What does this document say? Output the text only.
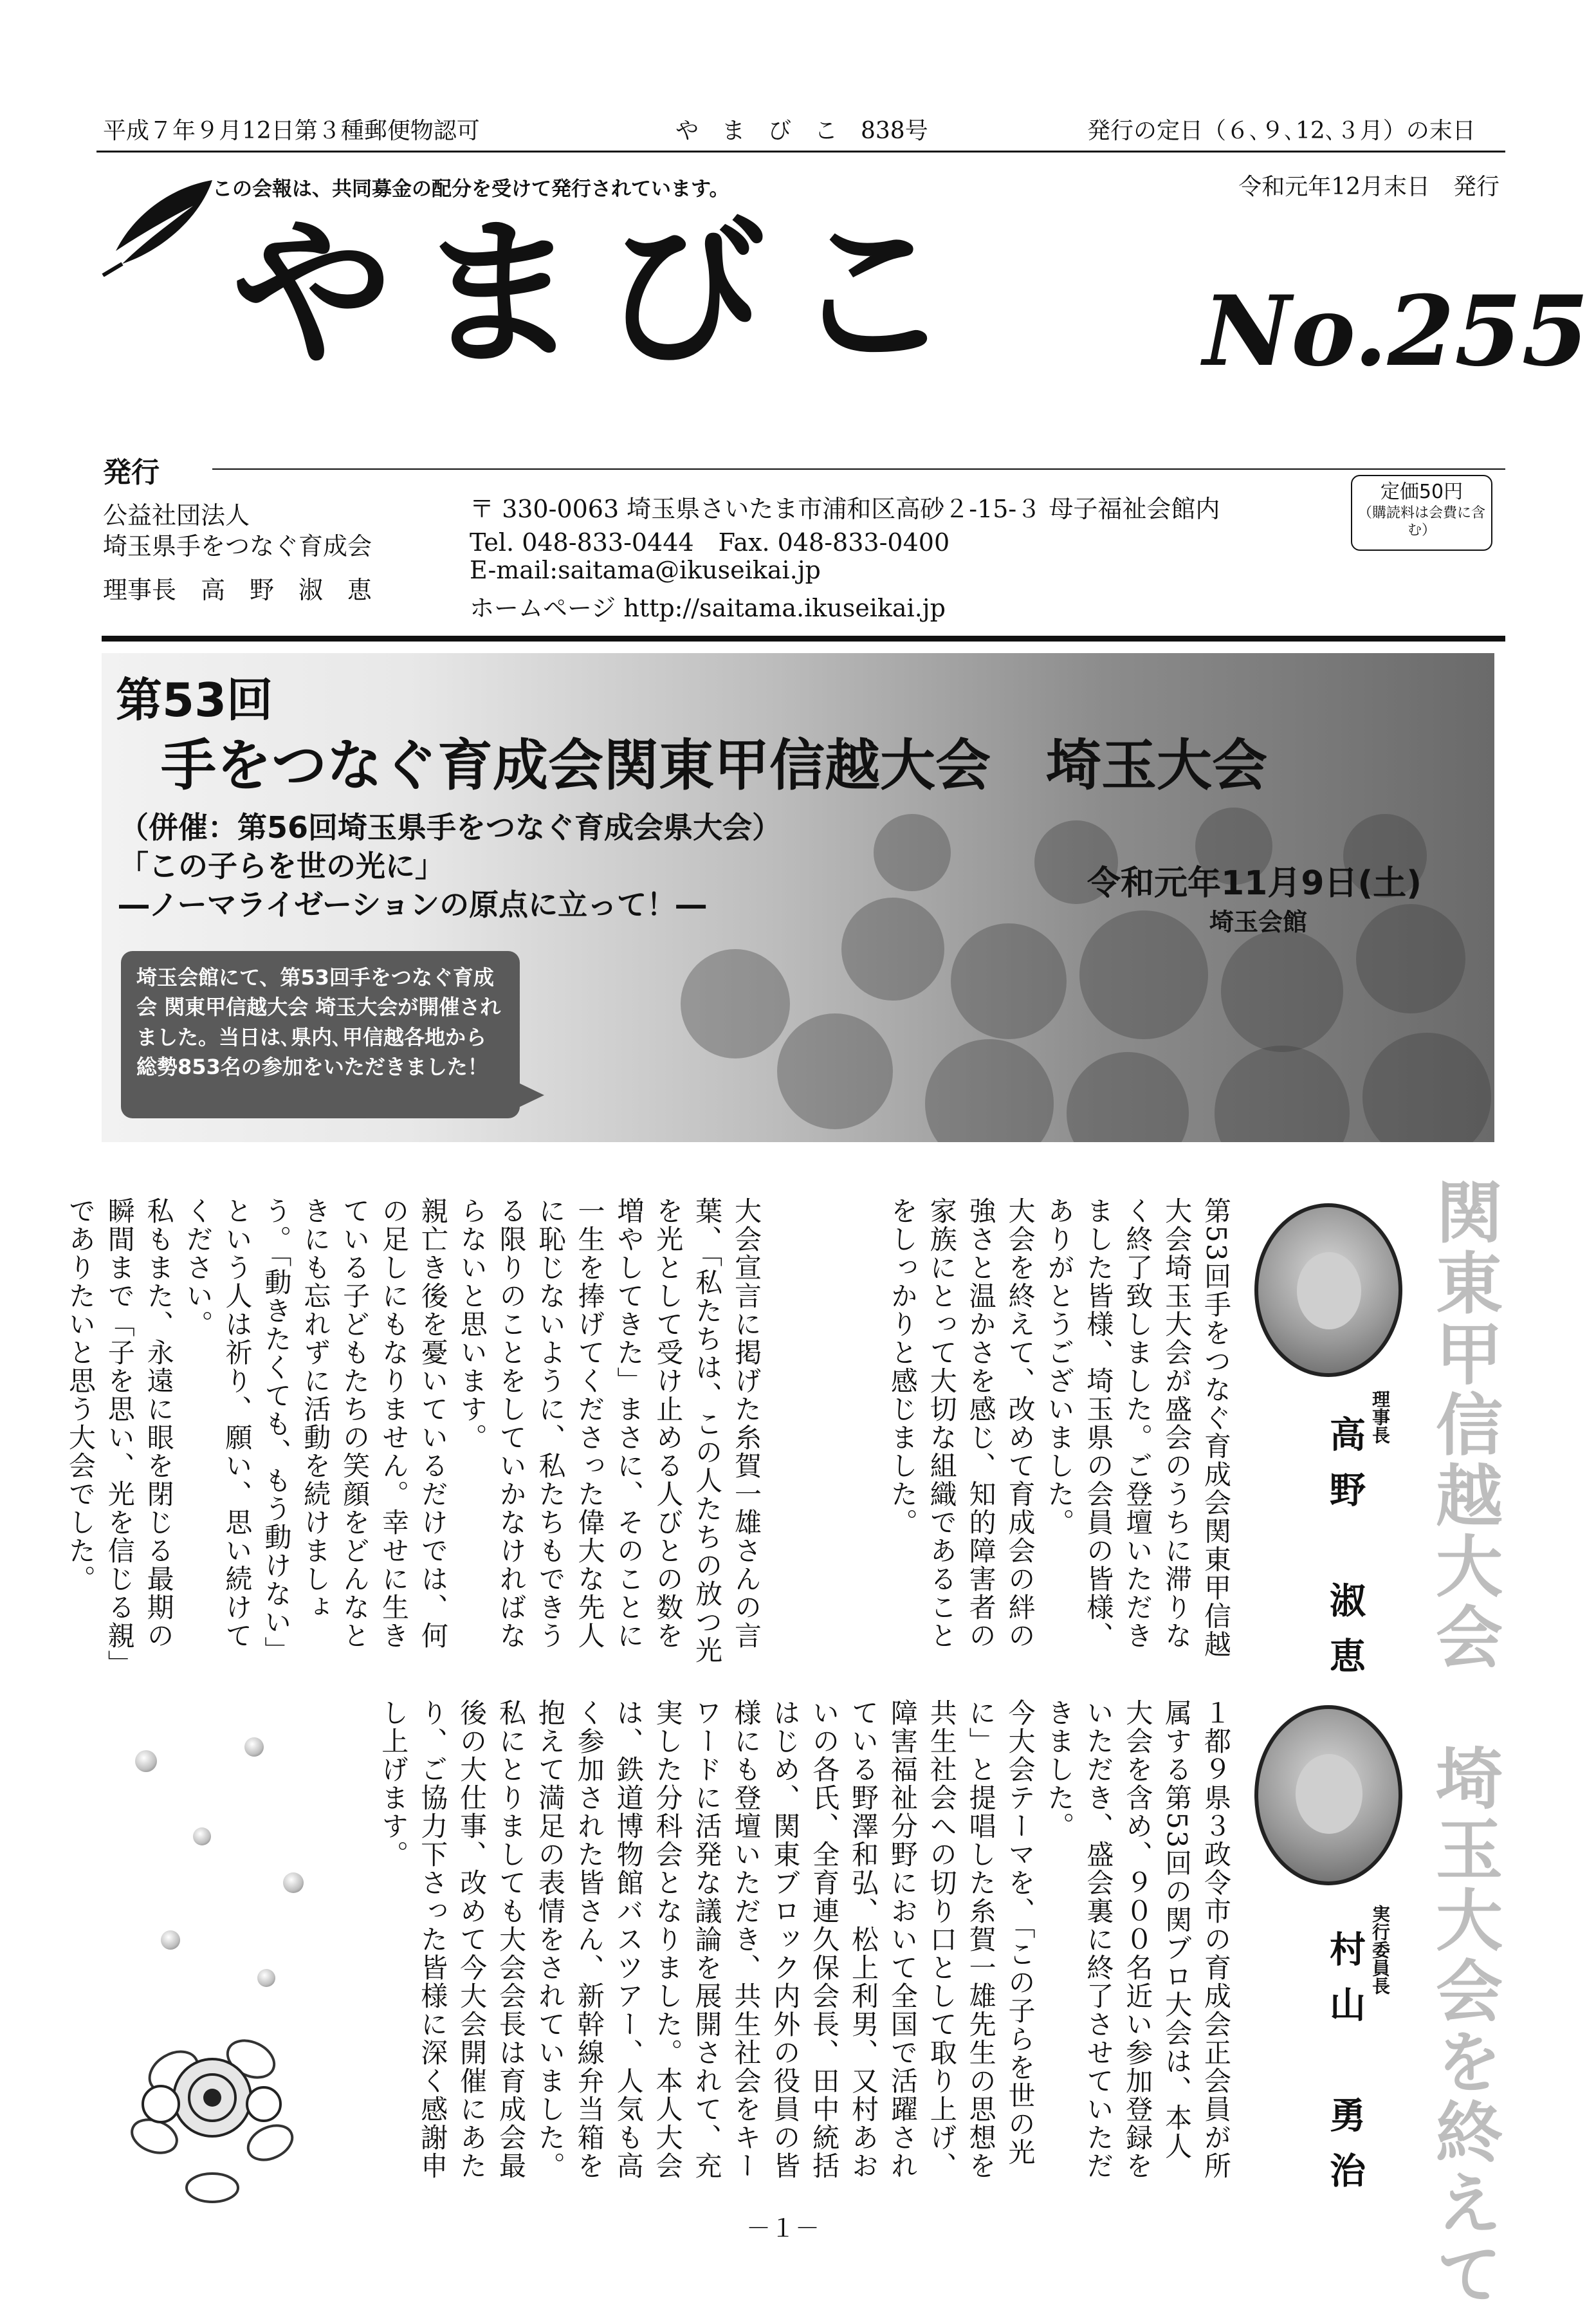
平成７年９月12日第３種郵便物認可	や　ま　び　こ　838号	発行の定日（６､９､12､３月）の末日
この会報は、共同募金の配分を受けて発行されています。	令和元年12月末日　発行
やまびこ No.255
発行
公益社団法人
埼玉県手をつなぐ育成会
理事長　高　野　淑　恵
〒 330-0063 埼玉県さいたま市浦和区高砂２-15-３ 母子福祉会館内
Tel. 048-833-0444　Fax. 048-833-0400
E-mail:saitama@ikuseikai.jp
ホームページ http://saitama.ikuseikai.jp
定価50円
（購読料は会費に含む）
第53回
手をつなぐ育成会関東甲信越大会　埼玉大会
（併催：第56回埼玉県手をつなぐ育成会県大会）
「この子らを世の光に」
―ノーマライゼーションの原点に立って！―
令和元年11月9日(土)
埼玉会館
埼玉会館にて、第53回手をつなぐ育成会 関東甲信越大会 埼玉大会が開催されました。当日は､県内､甲信越各地から総勢853名の参加をいただきました！
関東甲信越大会　埼玉大会を終えて
理事長
高野　淑恵
実行委員長
村山　勇治
第53回手をつなぐ育成会関東甲信越大会埼玉大会が盛会のうちに滞りなく終了致しました。ご登壇いただきました皆様、埼玉県の会員の皆様、ありがとうございました。
大会を終えて、改めて育成会の絆の強さと温かさを感じ、知的障害者の家族にとって大切な組織であることをしっかりと感じました。
大会宣言に掲げた糸賀一雄さんの言葉、「私たちは、この人たちの放つ光を光として受け止める人びとの数を増やしてきた」まさに、そのことに一生を捧げてくださった偉大な先人に恥じないように、私たちもできうる限りのことをしていかなければならないと思います。
親亡き後を憂いているだけでは、何の足しにもなりません。幸せに生きている子どもたちの笑顔をどんなときにも忘れずに活動を続けましょう。「動きたくても、もう動けない」という人は祈り、願い、思い続けてください。
私もまた、永遠に眼を閉じる最期の瞬間まで「子を思い、光を信じる親」でありたいと思う大会でした。
１都９県３政令市の育成会正会員が所属する第53回の関ブロ大会は、本人大会を含め、９００名近い参加登録をいただき、盛会裏に終了させていただきました。
今大会テーマを、「この子らを世の光に」と提唱した糸賀一雄先生の思想を共生社会への切り口として取り上げ、障害福祉分野において全国で活躍されている野澤和弘、松上利男、又村あおいの各氏、全育連久保会長、田中統括はじめ、関東ブロック内外の役員の皆様にも登壇いただき、共生社会をキーワードに活発な議論を展開されて、充実した分科会となりました。本人大会は、鉄道博物館バスツアー、人気も高く参加された皆さん、新幹線弁当箱を抱えて満足の表情をされていました。
私にとりましても大会会長は育成会最後の大仕事、改めて今大会開催にあたり、ご協力下さった皆様に深く感謝申し上げます。
－１－
